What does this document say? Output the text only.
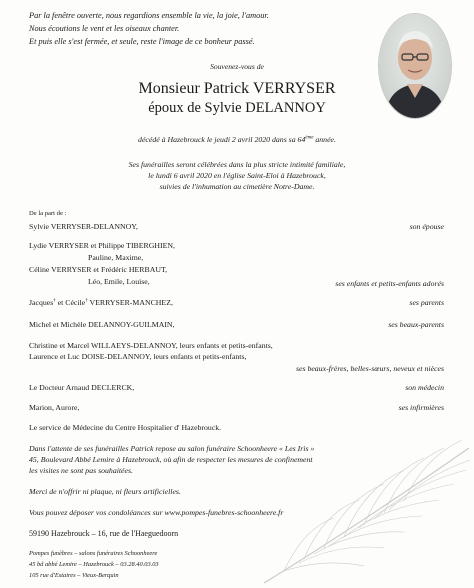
Par la fenêtre ouverte, nous regardions ensemble la vie, la joie, l'amour.
Nous écoutions le vent et les oiseaux chanter.
Et puis elle s'est fermée, et seule, reste l'image de ce bonheur passé.
Souvenez-vous de
Monsieur Patrick VERRYSER
époux de Sylvie DELANNOY
décédé à Hazebrouck le jeudi 2 avril 2020 dans sa 64ème année.
Ses funérailles seront célébrées dans la plus stricte intimité familiale,
le lundi 6 avril 2020 en l'église Saint-Eloi à Hazebrouck,
suivies de l'inhumation au cimetière Notre-Dame.
De la part de :
Sylvie VERRYSER-DELANNOY,	son épouse
Lydie VERRYSER et Philippe TIBERGHIEN,
Pauline, Maxime,
Céline VERRYSER et Frédéric HERBAUT,
Léo, Emile, Louise,	ses enfants et petits-enfants adorés
Jacques† et Cécile† VERRYSER-MANCHEZ,	ses parents
Michel et Michèle DELANNOY-GUILMAIN,	ses beaux-parents
Christine et Marcel WILLAEYS-DELANNOY, leurs enfants et petits-enfants,
Laurence et Luc DOISE-DELANNOY, leurs enfants et petits-enfants,
ses beaux-frères, belles-sœurs, neveux et nièces
Le Docteur Arnaud DECLERCK,	son médecin
Marion, Aurore,	ses infirmières
Le service de Médecine du Centre Hospitalier d' Hazebrouck.
Dans l'attente de ses funérailles Patrick repose au salon funéraire Schoonheere « Les Iris »
45, Boulevard Abbé Lemire à Hazebrouck, où afin de respecter les mesures de confinement
les visites ne sont pas souhaitées.
Merci de n'offrir ni plaque, ni fleurs artificielles.
Vous pouvez déposer vos condoléances sur www.pompes-funebres-schoonheere.fr
59190 Hazebrouck – 16, rue de l'Haeguedoorn
Pompes funèbres – salons funéraires Schoonheere
45 bd abbé Lemire – Hazebrouck – 03.28.40.03.03
105 rue d'Estaires – Vieux-Berquin
